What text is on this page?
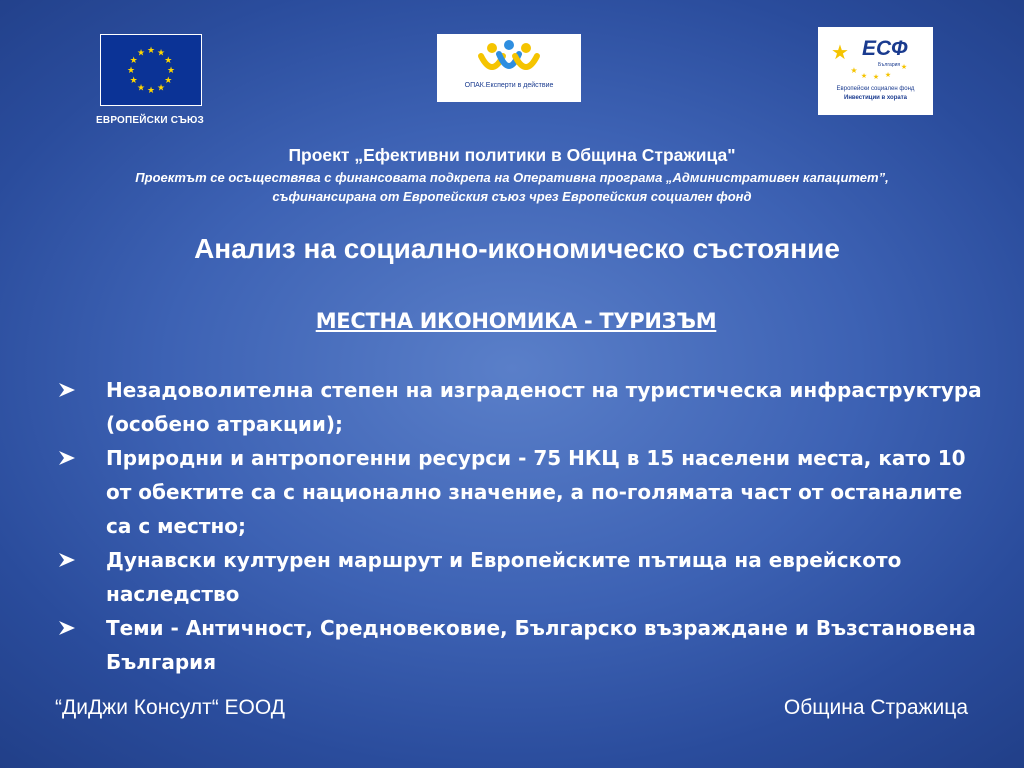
★ ★
★
★
★
★
★
★
★
★
★
★
ЕВРОПЕЙСКИ СЪЮЗ
ОПАК.Експерти в действие
★
★
★ ★ ★
★
ЕСФ
България
Европейски социален фонд
Инвестиции в хората
Проект „Ефективни политики в Община Стражица"
Проектът се осъществява с финансовата подкрепа на Оперативна програма „Административен капацитет”,
съфинансирана от Европейския съюз чрез Европейския социален фонд
Анализ на социално-икономическо състояние
МЕСТНА ИКОНОМИКА - ТУРИЗЪМ
Незадоволителна степен на изграденост на туристическа инфраструктура (особено атракции);
Природни и антропогенни ресурси - 75 НКЦ в 15 населени места, като 10 от обектите са с национално значение, а по-голямата част от останалите са с местно;
Дунавски културен маршрут и Европейските пътища на еврейското наследство
Теми - Античност, Средновековие, Българско възраждане и Възстановена България
“ДиДжи Консулт“ ЕООД	Община Стражица
